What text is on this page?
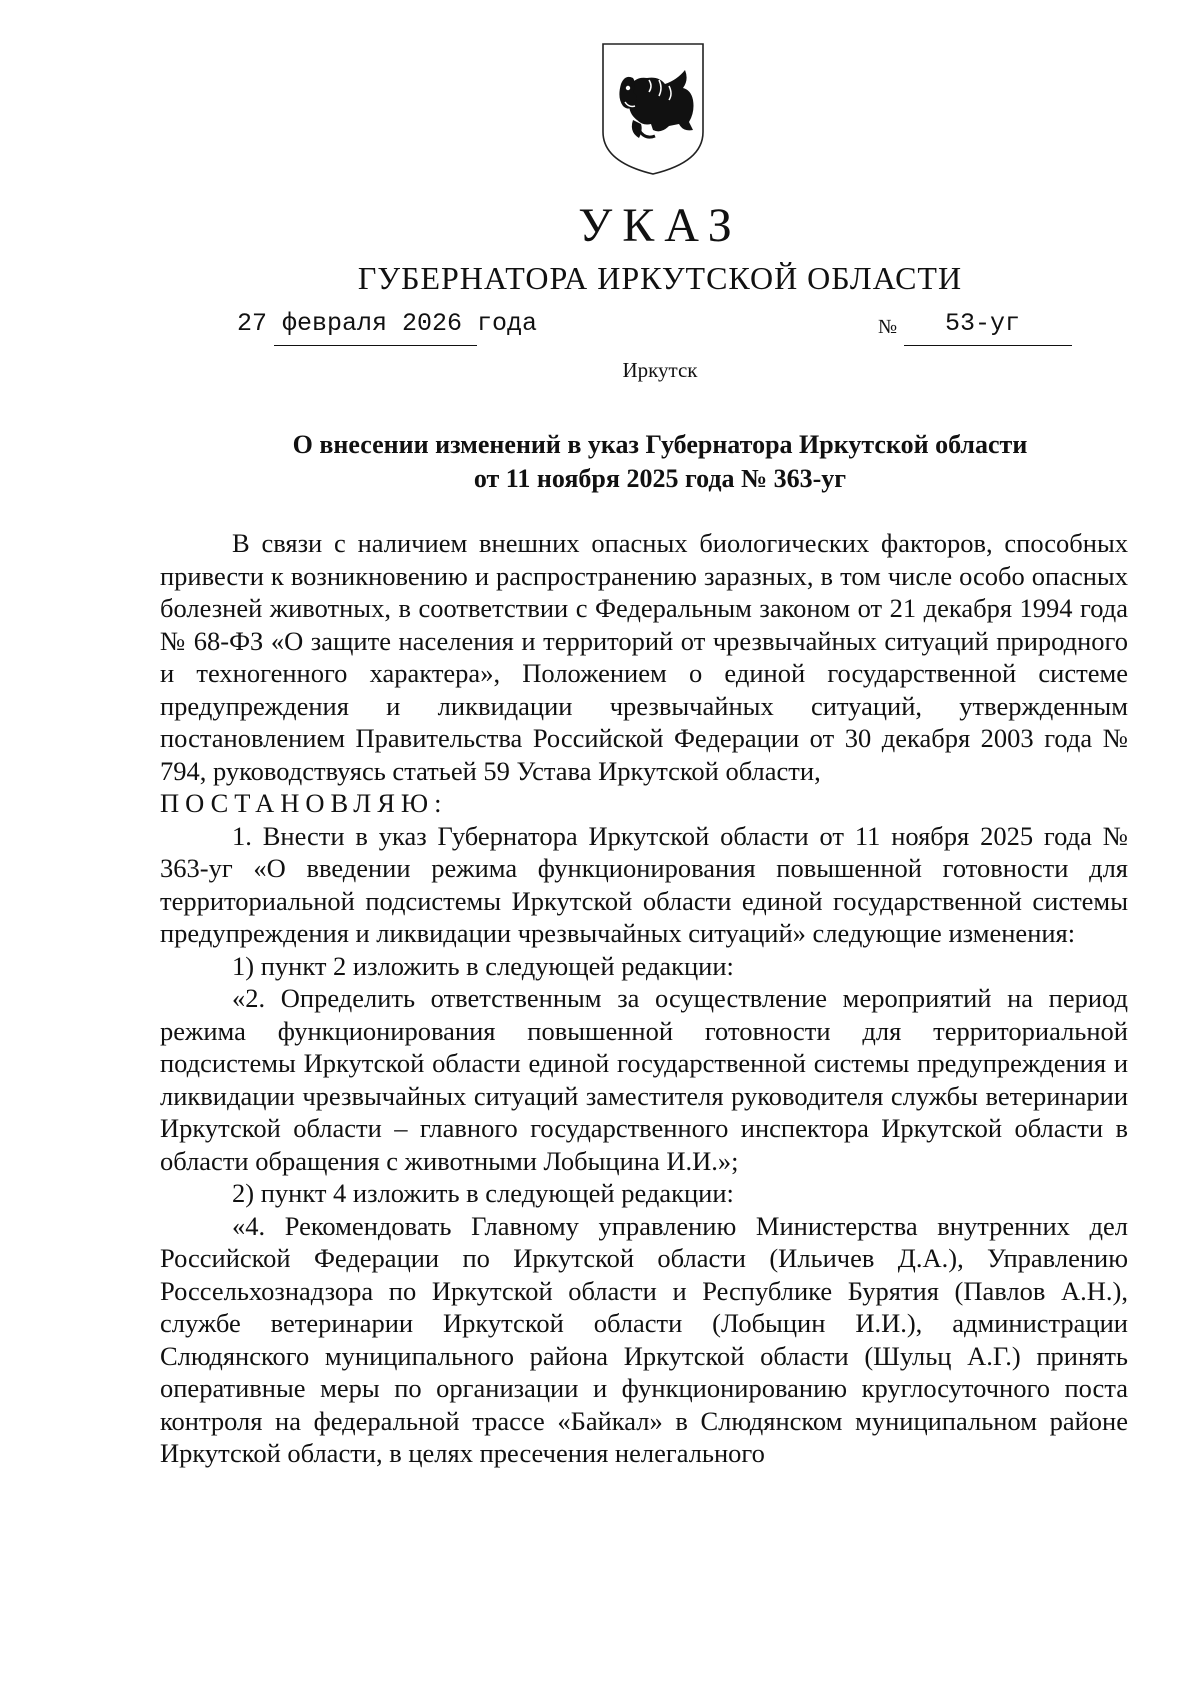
УКАЗ
ГУБЕРНАТОРА ИРКУТСКОЙ ОБЛАСТИ
27 февраля 2026 года	№ 53-уг
Иркутск
О внесении изменений в указ Губернатора Иркутской области
от 11 ноября 2025 года № 363-уг

В связи с наличием внешних опасных биологических факторов, способных привести к возникновению и распространению заразных, в том числе особо опасных болезней животных, в соответствии с Федеральным законом от 21 декабря 1994 года № 68-ФЗ «О защите населения и территорий от чрезвычайных ситуаций природного и техногенного характера», Положением о единой государственной системе предупреждения и ликвидации чрезвычайных ситуаций, утвержденным постановлением Правительства Российской Федерации от 30 декабря 2003 года № 794, руководствуясь статьей 59 Устава Иркутской области,

ПОСТАНОВЛЯЮ:

1. Внести в указ Губернатора Иркутской области от 11 ноября 2025 года № 363-уг «О введении режима функционирования повышенной готовности для территориальной подсистемы Иркутской области единой государственной системы предупреждения и ликвидации чрезвычайных ситуаций» следующие изменения:

1) пункт 2 изложить в следующей редакции:

«2. Определить ответственным за осуществление мероприятий на период режима функционирования повышенной готовности для территориальной подсистемы Иркутской области единой государственной системы предупреждения и ликвидации чрезвычайных ситуаций заместителя руководителя службы ветеринарии Иркутской области – главного государственного инспектора Иркутской области в области обращения с животными Лобыцина И.И.»;

2) пункт 4 изложить в следующей редакции:

«4. Рекомендовать Главному управлению Министерства внутренних дел Российской Федерации по Иркутской области (Ильичев Д.А.), Управлению Россельхознадзора по Иркутской области и Республике Бурятия (Павлов А.Н.), службе ветеринарии Иркутской области (Лобыцин И.И.), администрации Слюдянского муниципального района Иркутской области (Шульц А.Г.) принять оперативные меры по организации и функционированию круглосуточного поста контроля на федеральной трассе «Байкал» в Слюдянском муниципальном районе Иркутской области, в целях пресечения нелегального
